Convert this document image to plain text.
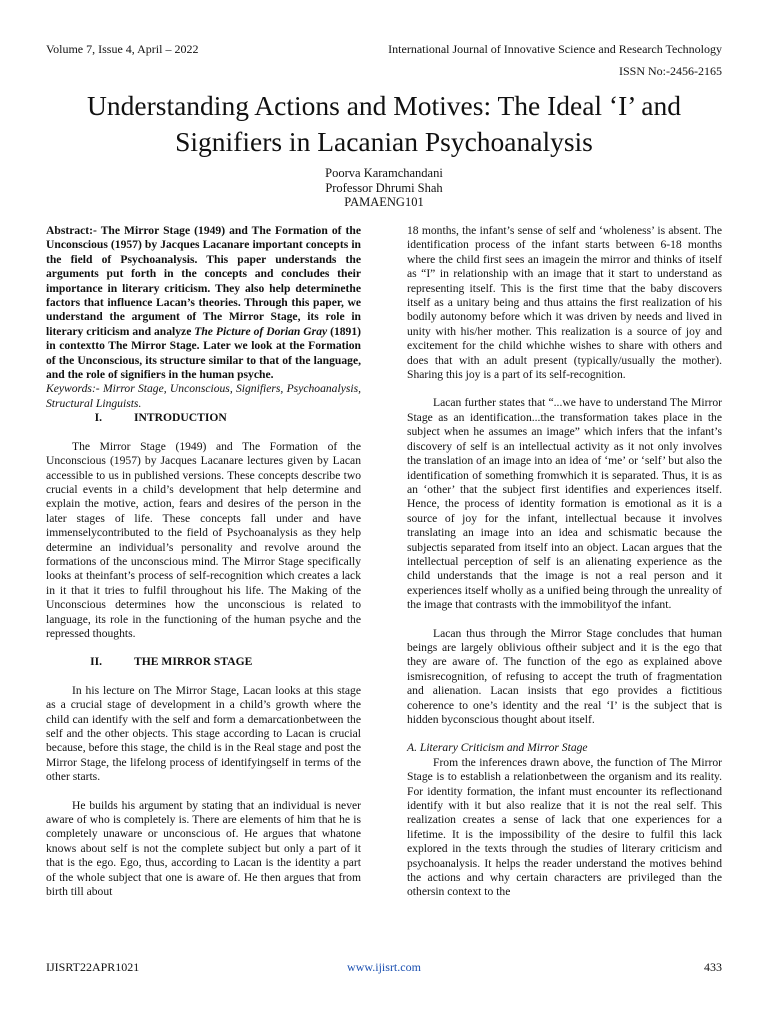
Volume 7, Issue 4, April – 2022	International Journal of Innovative Science and Research Technology
ISSN No:-2456-2165
Understanding Actions and Motives: The Ideal ‘I’ and
Signifiers in Lacanian Psychoanalysis
Poorva Karamchandani
Professor Dhrumi Shah
PAMAENG101

Abstract:- The Mirror Stage (1949) and The Formation of the Unconscious (1957) by Jacques Lacanare important concepts in the field of Psychoanalysis. This paper understands the arguments put forth in the concepts and concludes their importance in literary criticism. They also help determinethe factors that influence Lacan’s theories. Through this paper, we understand the argument of The Mirror Stage, its role in literary criticism and analyze The Picture of Dorian Gray (1891) in contextto The Mirror Stage. Later we look at the Formation of the Unconscious, its structure similar to that of the language, and the role of signifiers in the human psyche.

Keywords:- Mirror Stage, Unconscious, Signifiers, Psychoanalysis, Structural Linguists.

I.	INTRODUCTION

The Mirror Stage (1949) and The Formation of the Unconscious (1957) by Jacques Lacanare lectures given by Lacan accessible to us in published versions. These concepts describe two crucial events in a child’s development that help determine and explain the motive, action, fears and desires of the person in the later stages of life. These concepts fall under and have immenselycontributed to the field of Psychoanalysis as they help determine an individual’s personality and revolve around the formations of the unconscious mind. The Mirror Stage specifically looks at theinfant’s process of self-recognition which creates a lack in it that it tries to fulfil throughout his life. The Making of the Unconscious determines how the unconscious is related to language, its role in the functioning of the human psyche and the repressed thoughts.

II.	THE MIRROR STAGE

In his lecture on The Mirror Stage, Lacan looks at this stage as a crucial stage of development in a child’s growth where the child can identify with the self and form a demarcationbetween the self and the other objects. This stage according to Lacan is crucial because, before this stage, the child is in the Real stage and post the Mirror Stage, the lifelong process of identifyingself in terms of the other starts.

He builds his argument by stating that an individual is never aware of who is completely is. There are elements of him that he is completely unaware or unconscious of. He argues that whatone knows about self is not the complete subject but only a part of it that is the ego. Ego, thus, according to Lacan is the identity a part of the whole subject that one is aware of. He then argues that from birth till about

18 months, the infant’s sense of self and ‘wholeness’ is absent. The identification process of the infant starts between 6-18 months where the child first sees an imagein the mirror and thinks of itself as “I” in relationship with an image that it start to understand as representing itself. This is the first time that the baby discovers itself as a unitary being and thus attains the first realization of his bodily autonomy before which it was driven by needs and lived in unity with his/her mother. This realization is a source of joy and excitement for the child whichhe wishes to share with others and does that with an adult present (typically/usually the mother). Sharing this joy is a part of its self-recognition.

Lacan further states that “...we have to understand The Mirror Stage as an identification...the transformation takes place in the subject when he assumes an image” which infers that the infant’s discovery of self is an intellectual activity as it not only involves the translation of an image into an idea of ‘me’ or ‘self’ but also the identification of something fromwhich it is separated. Thus, it is as an ‘other’ that the subject first identifies and experiences itself. Hence, the process of identity formation is emotional as it is a source of joy for the infant, intellectual because it involves translating an image into an idea and schismatic because the subjectis separated from itself into an object. Lacan argues that the intellectual perception of self is an alienating experience as the child understands that the image is not a real person and it experiences itself wholly as a unified being through the unreality of the image that contrasts with the immobilityof the infant.

Lacan thus through the Mirror Stage concludes that human beings are largely oblivious oftheir subject and it is the ego that they are aware of. The function of the ego as explained above ismisrecognition, of refusing to accept the truth of fragmentation and alienation. Lacan insists that ego provides a fictitious coherence to one’s identity and the real ‘I’ is the subject that is hidden byconscious thought about itself.

A. Literary Criticism and Mirror Stage

From the inferences drawn above, the function of The Mirror Stage is to establish a relationbetween the organism and its reality. For identity formation, the infant must encounter its reflectionand identify with it but also realize that it is not the real self. This realization creates a sense of lack that one experiences for a lifetime. It is the impossibility of the desire to fulfil this lack explored in the texts through the studies of literary criticism and psychoanalysis. It helps the reader understand the motives behind the actions and why certain characters are privileged than the othersin context to the

IJISRT22APR1021	www.ijisrt.com	433
